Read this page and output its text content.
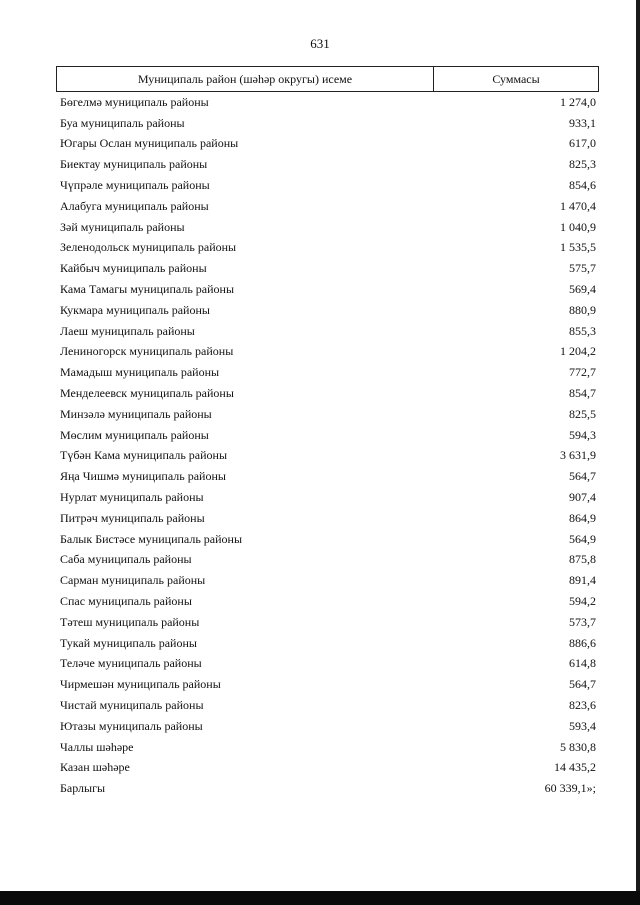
631
Муниципаль район (шәһәр округы) исеме	Суммасы
Бөгелмә муниципаль районы	1 274,0
Буа муниципаль районы	933,1
Югары Ослан муниципаль районы	617,0
Биектау муниципаль районы	825,3
Чүпрәле муниципаль районы	854,6
Алабуга муниципаль районы	1 470,4
Зәй муниципаль районы	1 040,9
Зеленодольск муниципаль районы	1 535,5
Кайбыч муниципаль районы	575,7
Кама Тамагы муниципаль районы	569,4
Кукмара муниципаль районы	880,9
Лаеш муниципаль районы	855,3
Лениногорск муниципаль районы	1 204,2
Мамадыш муниципаль районы	772,7
Менделеевск муниципаль районы	854,7
Минзәлә муниципаль районы	825,5
Мөслим муниципаль районы	594,3
Түбән Кама муниципаль районы	3 631,9
Яңа Чишмә муниципаль районы	564,7
Нурлат муниципаль районы	907,4
Питрәч муниципаль районы	864,9
Балык Бистәсе муниципаль районы	564,9
Саба муниципаль районы	875,8
Сарман муниципаль районы	891,4
Спас муниципаль районы	594,2
Тәтеш муниципаль районы	573,7
Тукай муниципаль районы	886,6
Теләче муниципаль районы	614,8
Чирмешән муниципаль районы	564,7
Чистай муниципаль районы	823,6
Ютазы муниципаль районы	593,4
Чаллы шәһәре	5 830,8
Казан шәһәре	14 435,2
Барлыгы	60 339,1»;
